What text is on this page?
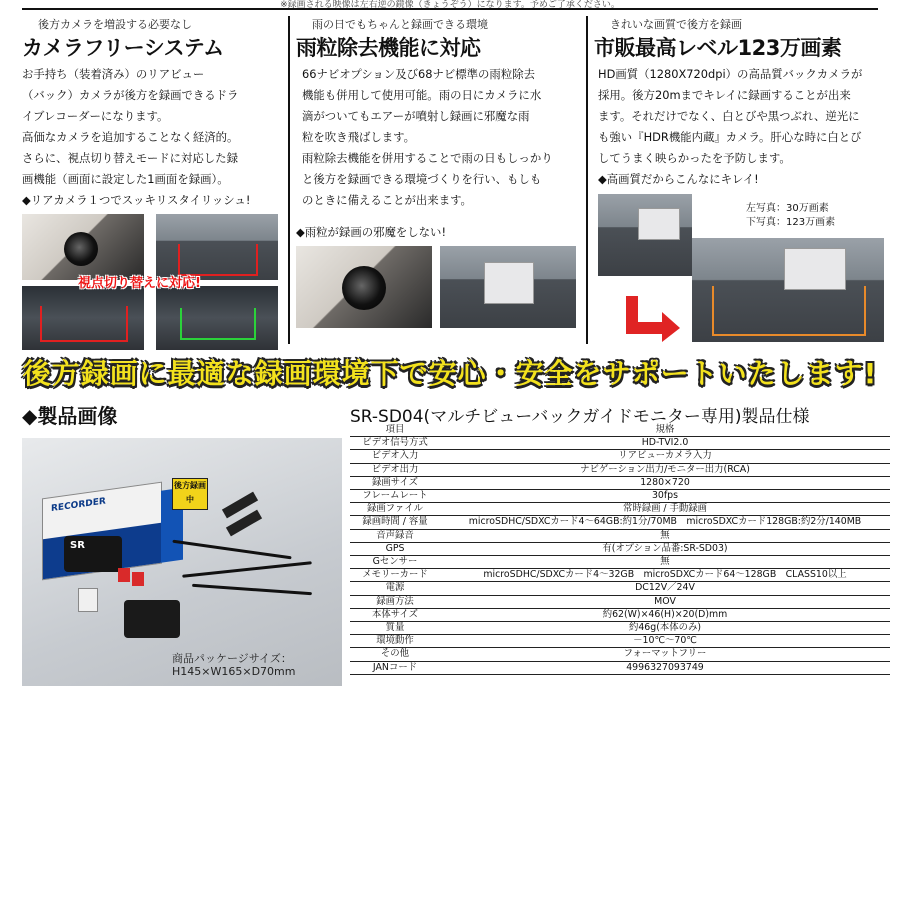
※録画される映像は左右逆の鏡像（きょうぞう）になります。予めご了承ください。
後方カメラを増設する必要なし
カメラフリーシステム
お手持ち（装着済み）のリアビュー
（バック）カメラが後方を録画できるドラ
イブレコーダーになります。
高価なカメラを追加することなく経済的。
さらに、視点切り替えモードに対応した録
画機能（画面に設定した1画面を録画）。
◆リアカメラ１つでスッキリスタイリッシュ!
視点切り替えに対応!
雨の日でもちゃんと録画できる環境
雨粒除去機能に対応
66ナビオプション及び68ナビ標準の雨粒除去
機能も併用して使用可能。雨の日にカメラに水
滴がついてもエアーが噴射し録画に邪魔な雨
粒を吹き飛ばします。
雨粒除去機能を併用することで雨の日もしっかり
と後方を録画できる環境づくりを行い、もしも
のときに備えることが出来ます。
◆雨粒が録画の邪魔をしない!
きれいな画質で後方を録画
市販最高レベル123万画素
HD画質（1280X720dpi）の高品質バックカメラが
採用。後方20mまでキレイに録画することが出来
ます。それだけでなく、白とびや黒つぶれ、逆光に
も強い『HDR機能内蔵』カメラ。肝心な時に白とび
してうまく映らかったを予防します。
◆高画質だからこんなにキレイ!
左写真：30万画素
下写真：123万画素
後方録画に最適な録画環境下で安心・安全をサポートいたします!
◆製品画像
RECORDER
SR
後方録画中
商品パッケージサイズ：
H145×W165×D70mm
SR-SD04(マルチビューバックガイドモニター専用)製品仕様
項目	規格
ビデオ信号方式	HD-TVI2.0
ビデオ入力	リアビューカメラ入力
ビデオ出力	ナビゲーション出力/モニター出力(RCA)
録画サイズ	1280×720
フレームレート	30fps
録画ファイル	常時録画 / 手動録画
録画時間 / 容量	microSDHC/SDXCカード4～64GB:約1分/70MB　microSDXCカード128GB:約2分/140MB
音声録音	無
GPS	有(オプション品番:SR-SD03)
Gセンサー	無
メモリーカード	microSDHC/SDXCカード4～32GB　microSDXCカード64～128GB　CLASS10以上
電源	DC12V／24V
録画方法	MOV
本体サイズ	約62(W)×46(H)×20(D)mm
質量	約46g(本体のみ)
環境動作	－10℃～70℃
その他	フォーマットフリー
JANコード	4996327093749
